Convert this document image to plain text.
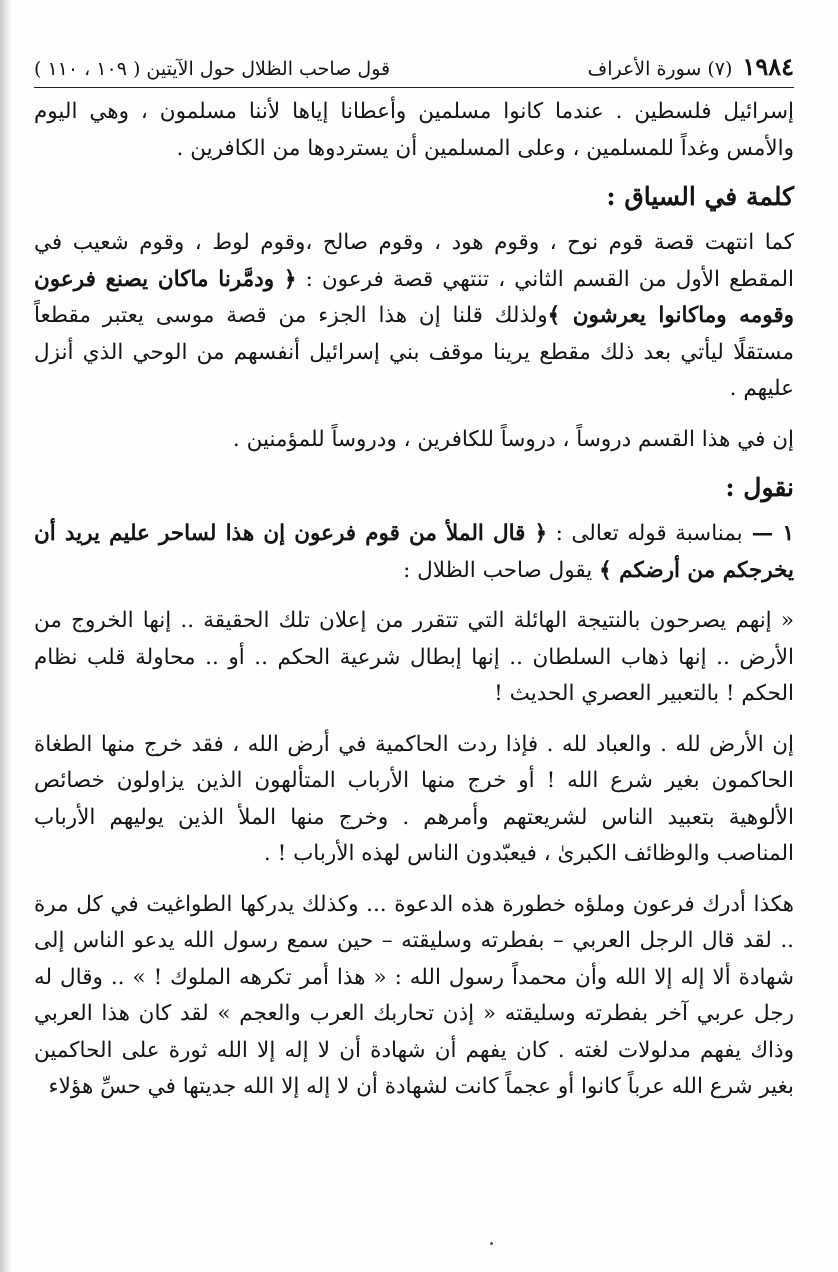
١٩٨٤
(٧) سورة الأعراف
قول صاحب الظلال حول الآيتين ( ١٠٩ ، ١١٠ )

إسرائيل فلسطين . عندما كانوا مسلمين وأعطانا إياها لأننا مسلمون ، وهي اليوم والأمس وغداً للمسلمين ، وعلى المسلمين أن يستردوها من الكافرين .

كلمة في السياق :

كما انتهت قصة قوم نوح ، وقوم هود ، وقوم صالح ،وقوم لوط ، وقوم شعيب في المقطع الأول من القسم الثاني ، تنتهي قصة فرعون : ﴿ ودمَّرنا ماكان يصنع فرعون وقومه وماكانوا يعرشون ﴾ولذلك قلنا إن هذا الجزء من قصة موسى يعتبر مقطعاً مستقلًا ليأتي بعد ذلك مقطع يرينا موقف بني إسرائيل أنفسهم من الوحي الذي أنزل عليهم .

إن في هذا القسم دروساً ، دروساً للكافرين ، ودروساً للمؤمنين .

نقول :

١ — بمناسبة قوله تعالى : ﴿ قال الملأ من قوم فرعون إن هذا لساحر عليم يريد أن يخرجكم من أرضكم ﴾ يقول صاحب الظلال :

« إنهم يصرحون بالنتيجة الهائلة التي تتقرر من إعلان تلك الحقيقة .. إنها الخروج من الأرض .. إنها ذهاب السلطان .. إنها إبطال شرعية الحكم .. أو .. محاولة قلب نظام الحكم ! بالتعبير العصري الحديث !

إن الأرض لله . والعباد لله . فإذا ردت الحاكمية في أرض الله ، فقد خرج منها الطغاة الحاكمون بغير شرع الله ! أو خرج منها الأرباب المتألهون الذين يزاولون خصائص الألوهية بتعبيد الناس لشريعتهم وأمرهم . وخرج منها الملأ الذين يوليهم الأرباب المناصب والوظائف الكبرىٰ ، فيعبّدون الناس لهذه الأرباب ! .

هكذا أدرك فرعون وملؤه خطورة هذه الدعوة ... وكذلك يدركها الطواغيت في كل مرة .. لقد قال الرجل العربي – بفطرته وسليقته – حين سمع رسول الله يدعو الناس إلى شهادة ألا إله إلا الله وأن محمداً رسول الله : « هذا أمر تكرهه الملوك ! » .. وقال له رجل عربي آخر بفطرته وسليقته « إذن تحاربك العرب والعجم » لقد كان هذا العربي وذاك يفهم مدلولات لغته . كان يفهم أن شهادة أن لا إله إلا الله ثورة على الحاكمين بغير شرع الله عرباً كانوا أو عجماً كانت لشهادة أن لا إله إلا الله جديتها في حسِّ هؤلاء
